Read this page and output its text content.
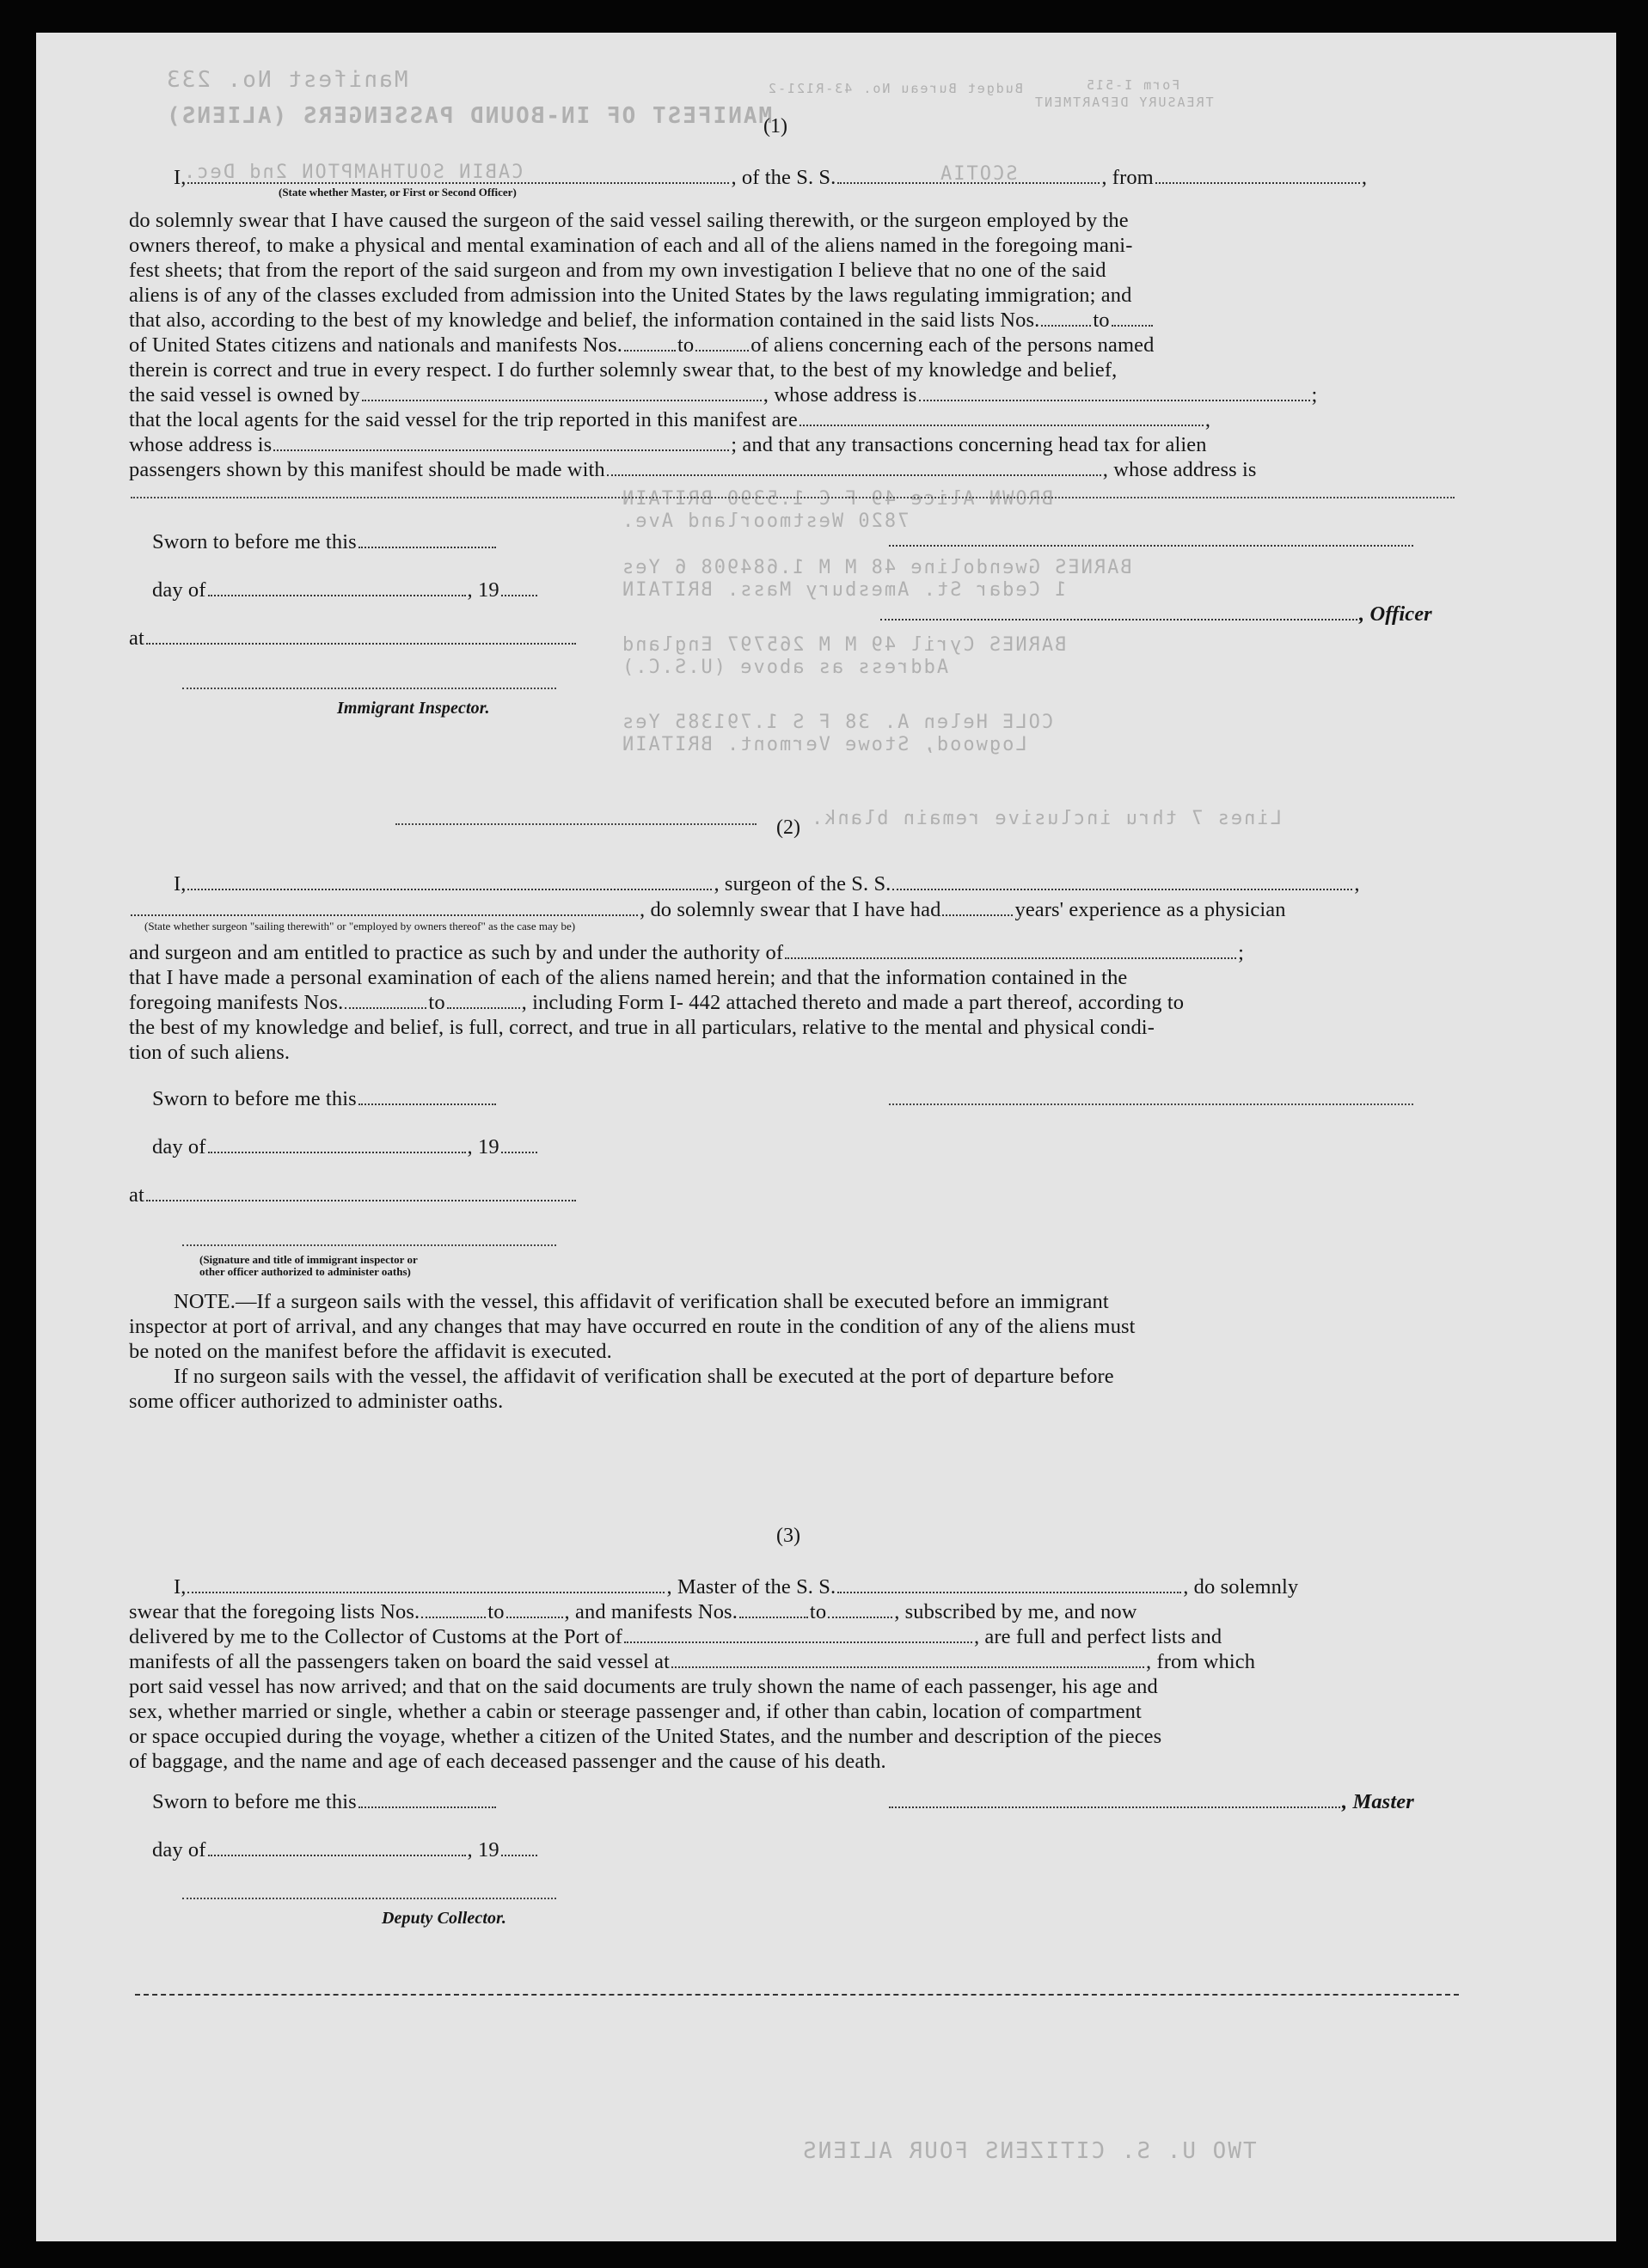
Manifest No. 233
MANIFEST OF IN-BOUND PASSENGERS (ALIENS)
CABIN SOUTHAMPTON 2nd Dec.	SCOTIA
Form I-515
TREASURY DEPARTMENT
Budget Bureau No. 43-R121-2
BROWN Alice 49 F C 1.5390 BRITAIN
7820 Westmoorland Ave.
BARNES Gwendoline 48 M M 1.684908 6 Yes
1 Cedar St. Amesbury Mass. BRITAIN
BARNES Cyril 49 M M 265797 England
Address as above (U.S.C.)
COLE Helen A. 38 F S 1.791385 Yes
Logwood, Stowe Vermont. BRITAIN
Lines 7 thru inclusive remain blank.
TWO U. S. CITIZENS FOUR ALIENS
(1)
I,	, of the S. S.	, from	,
(State whether Master, or First or Second Officer)
do solemnly swear that I have caused the surgeon of the said vessel sailing therewith, or the surgeon employed by the
owners thereof, to make a physical and mental examination of each and all of the aliens named in the foregoing mani-
fest sheets; that from the report of the said surgeon and from my own investigation I believe that no one of the said
aliens is of any of the classes excluded from admission into the United States by the laws regulating immigration; and
that also, according to the best of my knowledge and belief, the information contained in the said lists Nos.	to
of United States citizens and nationals and manifests Nos.	to	of aliens concerning each of the persons named
therein is correct and true in every respect. I do further solemnly swear that, to the best of my knowledge and belief,
the said vessel is owned by	, whose address is	;
that the local agents for the said vessel for the trip reported in this manifest are	,
whose address is	; and that any transactions concerning head tax for alien
passengers shown by this manifest should be made with	, whose address is
Sworn to before me this
day of	, 19
, Officer
at
Immigrant Inspector.
(2)
I,	, surgeon of the S. S.	,
, do solemnly swear that I have had	years' experience as a physician
(State whether surgeon "sailing therewith" or "employed by owners thereof" as the case may be)
and surgeon and am entitled to practice as such by and under the authority of	;
that I have made a personal examination of each of the aliens named herein; and that the information contained in the
foregoing manifests Nos.	to	, including Form I- 442 attached thereto and made a part thereof, according to
the best of my knowledge and belief, is full, correct, and true in all particulars, relative to the mental and physical condi-
tion of such aliens.
Sworn to before me this
day of	, 19
at
(Signature and title of immigrant inspector or
other officer authorized to administer oaths)
NOTE.—If a surgeon sails with the vessel, this affidavit of verification shall be executed before an immigrant
inspector at port of arrival, and any changes that may have occurred en route in the condition of any of the aliens must
be noted on the manifest before the affidavit is executed.
If no surgeon sails with the vessel, the affidavit of verification shall be executed at the port of departure before
some officer authorized to administer oaths.
(3)
I,	, Master of the S. S.	, do solemnly
swear that the foregoing lists Nos.	to	, and manifests Nos.	to	, subscribed by me, and now
delivered by me to the Collector of Customs at the Port of	, are full and perfect lists and
manifests of all the passengers taken on board the said vessel at	, from which
port said vessel has now arrived; and that on the said documents are truly shown the name of each passenger, his age and
sex, whether married or single, whether a cabin or steerage passenger and, if other than cabin, location of compartment
or space occupied during the voyage, whether a citizen of the United States, and the number and description of the pieces
of baggage, and the name and age of each deceased passenger and the cause of his death.
Sworn to before me this	, Master
day of	, 19
Deputy Collector.
